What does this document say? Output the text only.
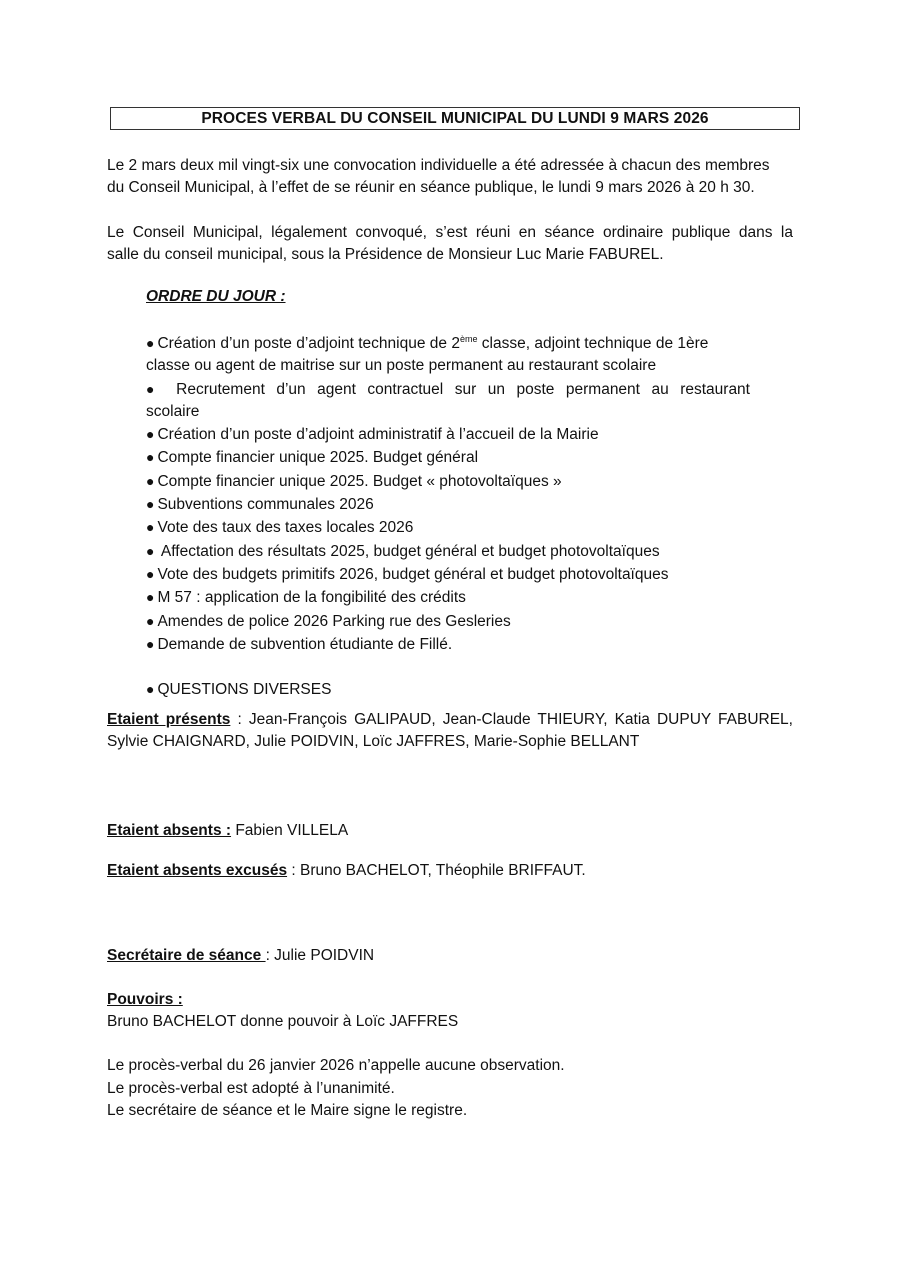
PROCES VERBAL DU CONSEIL MUNICIPAL DU LUNDI 9 MARS 2026
Le 2 mars deux mil vingt-six une convocation individuelle a été adressée à chacun des membres
du Conseil Municipal, à l’effet de se réunir en séance publique, le lundi 9 mars 2026 à 20 h 30.
Le Conseil Municipal, légalement convoqué, s’est réuni en séance ordinaire publique dans la
salle du conseil municipal, sous la Présidence de Monsieur Luc Marie FABUREL.
ORDRE DU JOUR :
● Création d’un poste d’adjoint technique de 2ème classe, adjoint technique de 1ère
classe ou agent de maitrise sur un poste permanent au restaurant scolaire
● Recrutement d’un agent contractuel sur un poste permanent au restaurant
scolaire
● Création d’un poste d’adjoint administratif à l’accueil de la Mairie
● Compte financier unique 2025. Budget général
● Compte financier unique 2025. Budget « photovoltaïques »
● Subventions communales 2026
● Vote des taux des taxes locales 2026
● Affectation des résultats 2025, budget général et budget photovoltaïques
● Vote des budgets primitifs 2026, budget général et budget photovoltaïques
● M 57 : application de la fongibilité des crédits
● Amendes de police 2026 Parking rue des Gesleries
● Demande de subvention étudiante de Fillé.
● QUESTIONS DIVERSES
Etaient présents : Jean-François GALIPAUD, Jean-Claude THIEURY, Katia DUPUY FABUREL,
Sylvie CHAIGNARD, Julie POIDVIN, Loïc JAFFRES, Marie-Sophie BELLANT
Etaient absents : Fabien VILLELA
Etaient absents excusés : Bruno BACHELOT, Théophile BRIFFAUT.
Secrétaire de séance : Julie POIDVIN
Pouvoirs :
Bruno BACHELOT donne pouvoir à Loïc JAFFRES
Le procès-verbal du 26 janvier 2026 n’appelle aucune observation.
Le procès-verbal est adopté à l’unanimité.
Le secrétaire de séance et le Maire signe le registre.
